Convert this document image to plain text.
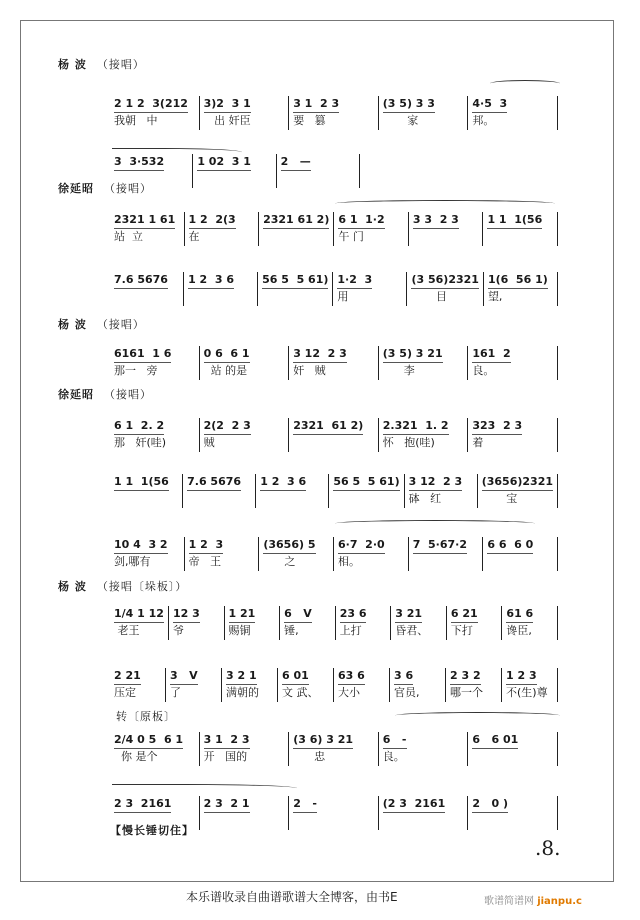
杨 波 （接唱）
徐延昭 （接唱）
杨 波 （接唱）
徐延昭 （接唱）
杨 波 （接唱〔垛板〕）
转〔原板〕
【慢长锤切住】
2 1 2  3(212
我朝   中
3)2  3 1
出 奸臣
3 1  2 3
要   篡
(3 5) 3 3
家
4·5  3
邦。
3  3·532	1 02  3 1	2   —
2321 1 61
站  立
1 2  2(3
在
2321 61 2) 6 1  1·2
午 门
3 3  2 3	1 1  1(56
7.6 5676 1 2  3 6	56 5  5 61) 1·2  3
用
(3 56)2321
目
1(6  56 1)
望,
6161  1 6
那一   旁
0 6  6 1
站 的是
3 12  2 3
奸   贼
(3 5) 3 21
李
161  2
良。
6 1  2. 2
那   奸(哇)
2(2  2 3
贼
2321  61 2) 2.321  1. 2
怀   抱(哇)
323  2 3
着
1 1  1(56 7.6 5676 1 2  3 6 56 5  5 61) 3 12  2 3
砵   红
(3656)2321
宝
10 4  3 2
剑,哪有
1 2  3
帝   王
(3656) 5
之
6·7  2·0
相。
7  5·67·2 6 6  6 0
1/4 1 12
老王
12 3
爷
1 21
赐铜
6   V
锤,
23 6
上打
3 21
昏君、
6 21
下打
61 6
谗臣,
2 21
压定
3   V
了
3 2 1
满朝的
6 01
文 武、
63 6
大小
3 6
官员,
2 3 2
哪一个
1 2 3
不(生)尊
2/4 0 5  6 1
你 是个
3 1  2 3
开   国的
(3 6) 3 21
忠
6   -
良。
6   6 01
2 3  2161	2 3  2 1	2   -	(2 3  2161 2   0 )
.8.
本乐谱收录自曲谱歌谱大全博客，由书E	歌谱简谱网 jianpu.c
